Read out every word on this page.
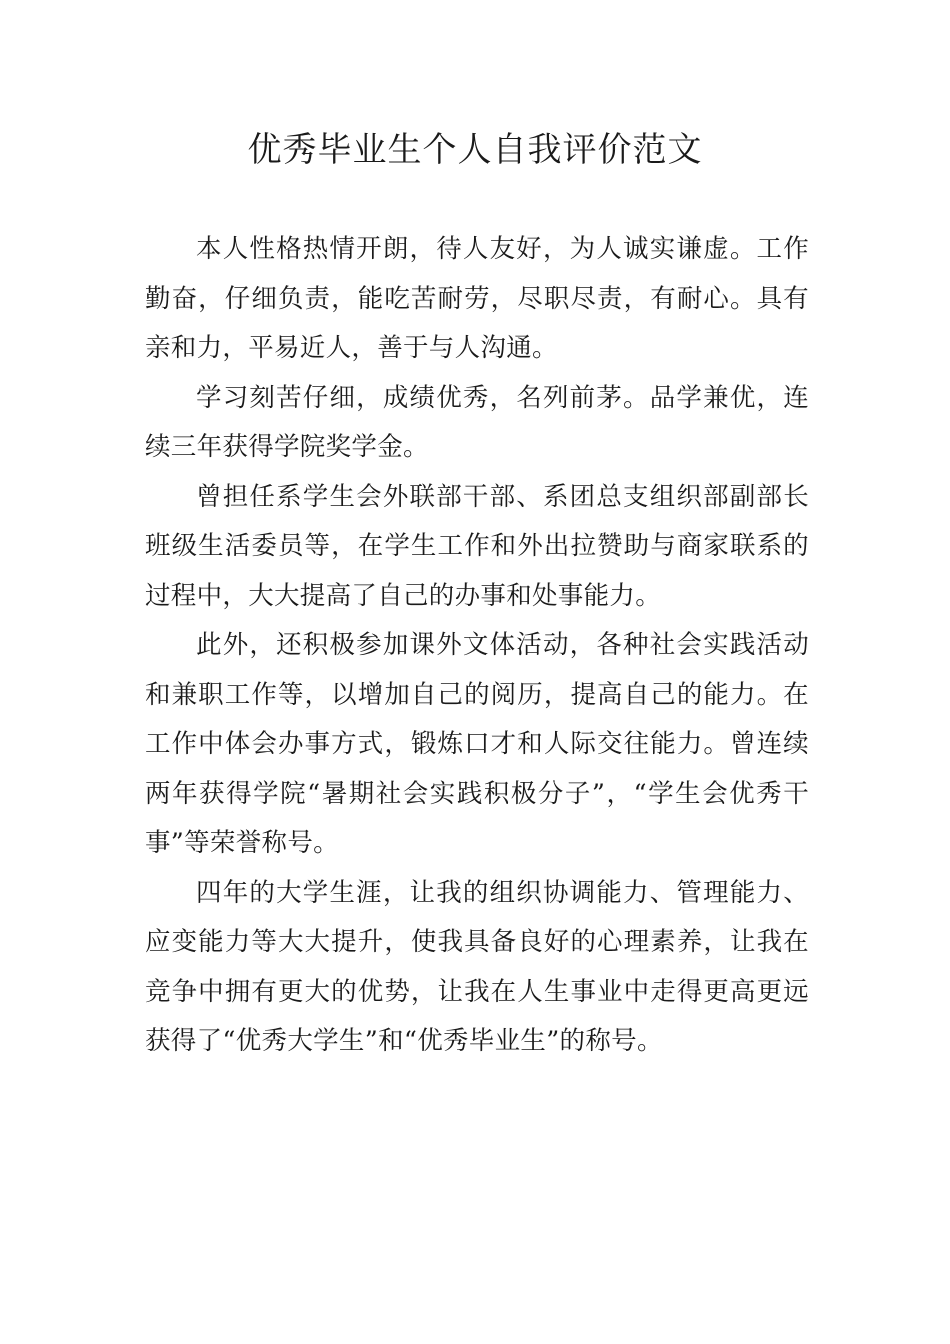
优秀毕业生个人自我评价范文

本人性格热情开朗，待人友好，为人诚实谦虚。工作勤奋，仔细负责，能吃苦耐劳，尽职尽责，有耐心。具有亲和力，平易近人，善于与人沟通。

学习刻苦仔细，成绩优秀，名列前茅。品学兼优，连续三年获得学院奖学金。

曾担任系学生会外联部干部、系团总支组织部副部长班级生活委员等，在学生工作和外出拉赞助与商家联系的过程中，大大提高了自己的办事和处事能力。

此外，还积极参加课外文体活动，各种社会实践活动和兼职工作等，以增加自己的阅历，提高自己的能力。在工作中体会办事方式，锻炼口才和人际交往能力。曾连续两年获得学院“暑期社会实践积极分子”，“学生会优秀干事”等荣誉称号。

四年的大学生涯，让我的组织协调能力、管理能力、应变能力等大大提升，使我具备良好的心理素养，让我在竞争中拥有更大的优势，让我在人生事业中走得更高更远获得了“优秀大学生”和“优秀毕业生”的称号。
